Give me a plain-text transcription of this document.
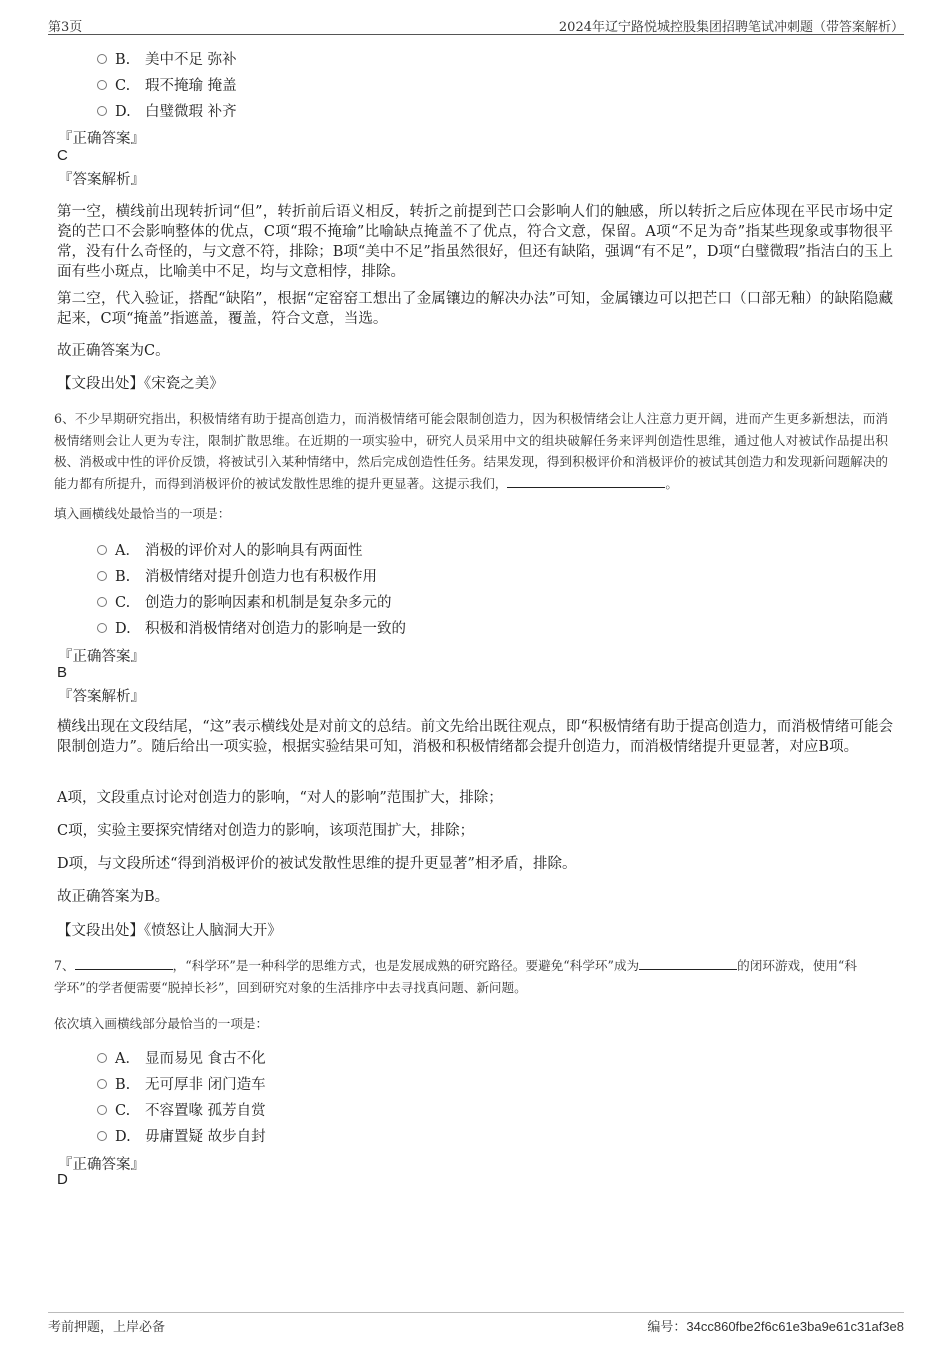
第3页	2024年辽宁路悦城控股集团招聘笔试冲刺题（带答案解析）
B. 美中不足 弥补
C. 瑕不掩瑜 掩盖
D. 白璧微瑕 补齐
『正确答案』
C
『答案解析』
第一空，横线前出现转折词“但”，转折前后语义相反，转折之前提到芒口会影响人们的触感，所以转折之后应体现在平民市场中定瓷的芒口不会影响整体的优点，C项“瑕不掩瑜”比喻缺点掩盖不了优点，符合文意，保留。A项“不足为奇”指某些现象或事物很平常，没有什么奇怪的，与文意不符，排除；B项“美中不足”指虽然很好，但还有缺陷，强调“有不足”，D项“白璧微瑕”指洁白的玉上面有些小斑点，比喻美中不足，均与文意相悖，排除。
第二空，代入验证，搭配“缺陷”，根据“定窑窑工想出了金属镶边的解决办法”可知，金属镶边可以把芒口（口部无釉）的缺陷隐藏起来，C项“掩盖”指遮盖，覆盖，符合文意，当选。
故正确答案为C。
【文段出处】《宋瓷之美》
6、不少早期研究指出，积极情绪有助于提高创造力，而消极情绪可能会限制创造力，因为积极情绪会让人注意力更开阔，进而产生更多新想法，而消极情绪则会让人更为专注，限制扩散思维。在近期的一项实验中，研究人员采用中文的组块破解任务来评判创造性思维，通过他人对被试作品提出积极、消极或中性的评价反馈，将被试引入某种情绪中，然后完成创造性任务。结果发现，得到积极评价和消极评价的被试其创造力和发现新问题解决的能力都有所提升，而得到消极评价的被试发散性思维的提升更显著。这提示我们，	。
填入画横线处最恰当的一项是：
A． 消极的评价对人的影响具有两面性
B. 消极情绪对提升创造力也有积极作用
C. 创造力的影响因素和机制是复杂多元的
D. 积极和消极情绪对创造力的影响是一致的
『正确答案』
B
『答案解析』
横线出现在文段结尾，“这”表示横线处是对前文的总结。前文先给出既往观点，即“积极情绪有助于提高创造力，而消极情绪可能会限制创造力”。随后给出一项实验，根据实验结果可知，消极和积极情绪都会提升创造力，而消极情绪提升更显著，对应B项。
A项，文段重点讨论对创造力的影响，“对人的影响”范围扩大，排除；
C项，实验主要探究情绪对创造力的影响，该项范围扩大，排除；
D项，与文段所述“得到消极评价的被试发散性思维的提升更显著”相矛盾，排除。
故正确答案为B。
【文段出处】《愤怒让人脑洞大开》
7、	，“科学环”是一种科学的思维方式，也是发展成熟的研究路径。要避免“科学环”成为	的闭环游戏，使用“科
学环”的学者便需要“脱掉长衫”，回到研究对象的生活排序中去寻找真问题、新问题。
依次填入画横线部分最恰当的一项是：
A． 显而易见 食古不化
B. 无可厚非 闭门造车
C. 不容置喙 孤芳自赏
D. 毋庸置疑 故步自封
『正确答案』
D
考前押题，上岸必备	编号：34cc860fbe2f6c61e3ba9e61c31af3e8
